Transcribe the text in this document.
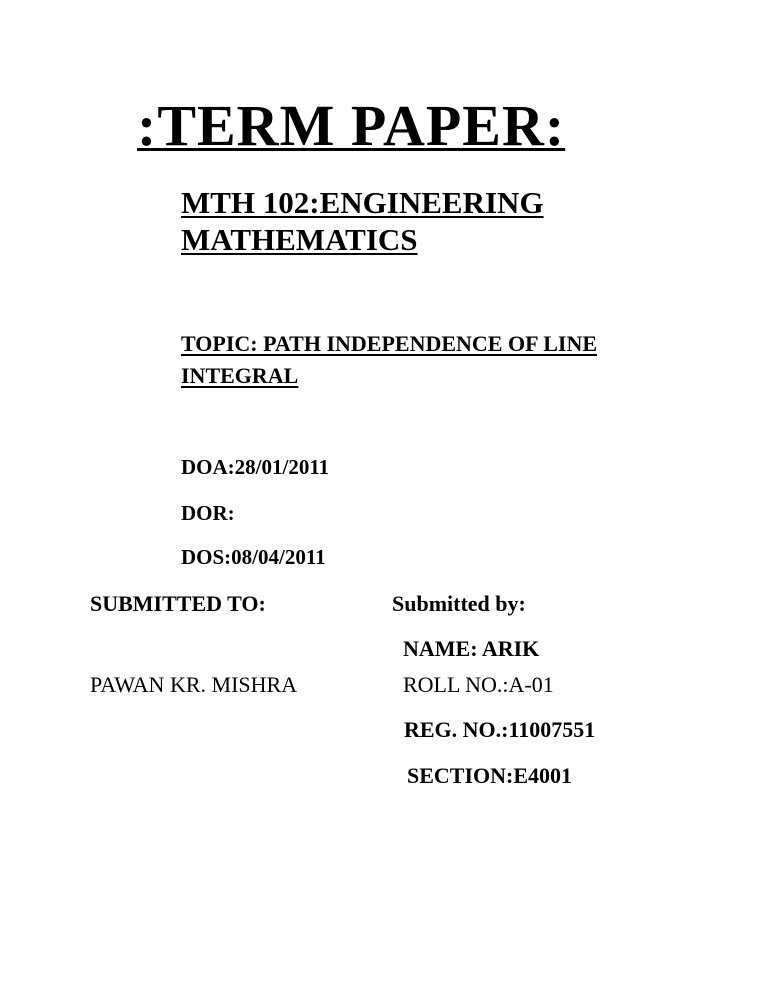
:TERM PAPER:
MTH 102:ENGINEERING
MATHEMATICS
TOPIC: PATH INDEPENDENCE OF LINE
INTEGRAL
DOA:28/01/2011
DOR:
DOS:08/04/2011
SUBMITTED TO:
PAWAN KR. MISHRA
Submitted by:
NAME: ARIK
ROLL NO.:A-01
REG. NO.:11007551
SECTION:E4001
